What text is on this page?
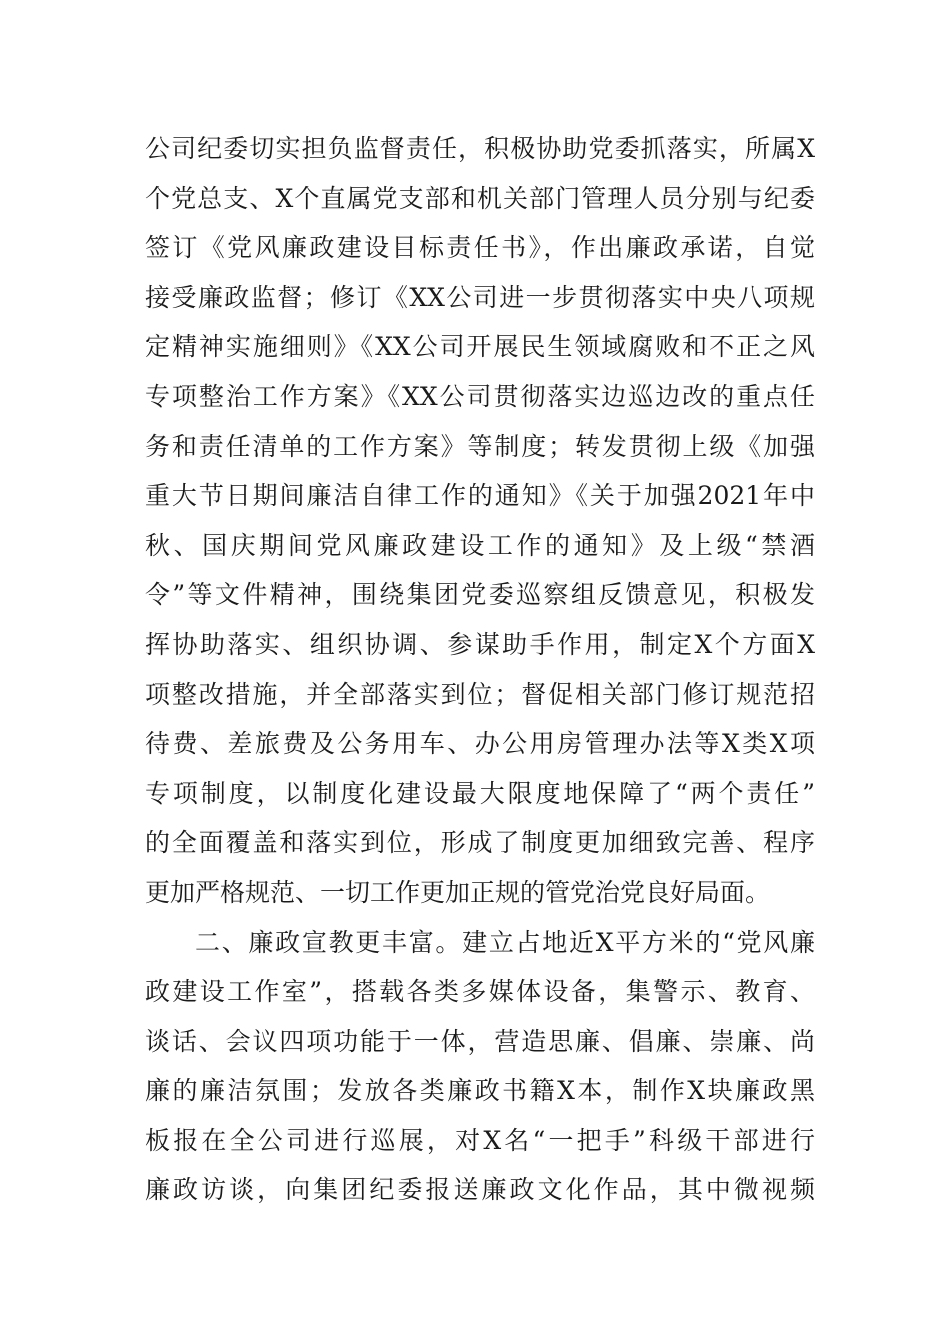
公司纪委切实担负监督责任，积极协助党委抓落实，所属X
个党总支、X个直属党支部和机关部门管理人员分别与纪委
签订《党风廉政建设目标责任书》，作出廉政承诺，自觉
接受廉政监督；修订《XX公司进一步贯彻落实中央八项规
定精神实施细则》《XX公司开展民生领域腐败和不正之风
专项整治工作方案》《XX公司贯彻落实边巡边改的重点任
务和责任清单的工作方案》等制度；转发贯彻上级《加强
重大节日期间廉洁自律工作的通知》《关于加强2021年中
秋、国庆期间党风廉政建设工作的通知》及上级“禁酒
令”等文件精神，围绕集团党委巡察组反馈意见，积极发
挥协助落实、组织协调、参谋助手作用，制定X个方面X
项整改措施，并全部落实到位；督促相关部门修订规范招
待费、差旅费及公务用车、办公用房管理办法等X类X项
专项制度，以制度化建设最大限度地保障了“两个责任”
的全面覆盖和落实到位，形成了制度更加细致完善、程序
更加严格规范、一切工作更加正规的管党治党良好局面。
二、廉政宣教更丰富。建立占地近X平方米的“党风廉
政建设工作室”，搭载各类多媒体设备，集警示、教育、
谈话、会议四项功能于一体，营造思廉、倡廉、崇廉、尚
廉的廉洁氛围；发放各类廉政书籍X本，制作X块廉政黑
板报在全公司进行巡展，对X名“一把手”科级干部进行
廉政访谈，向集团纪委报送廉政文化作品，其中微视频
